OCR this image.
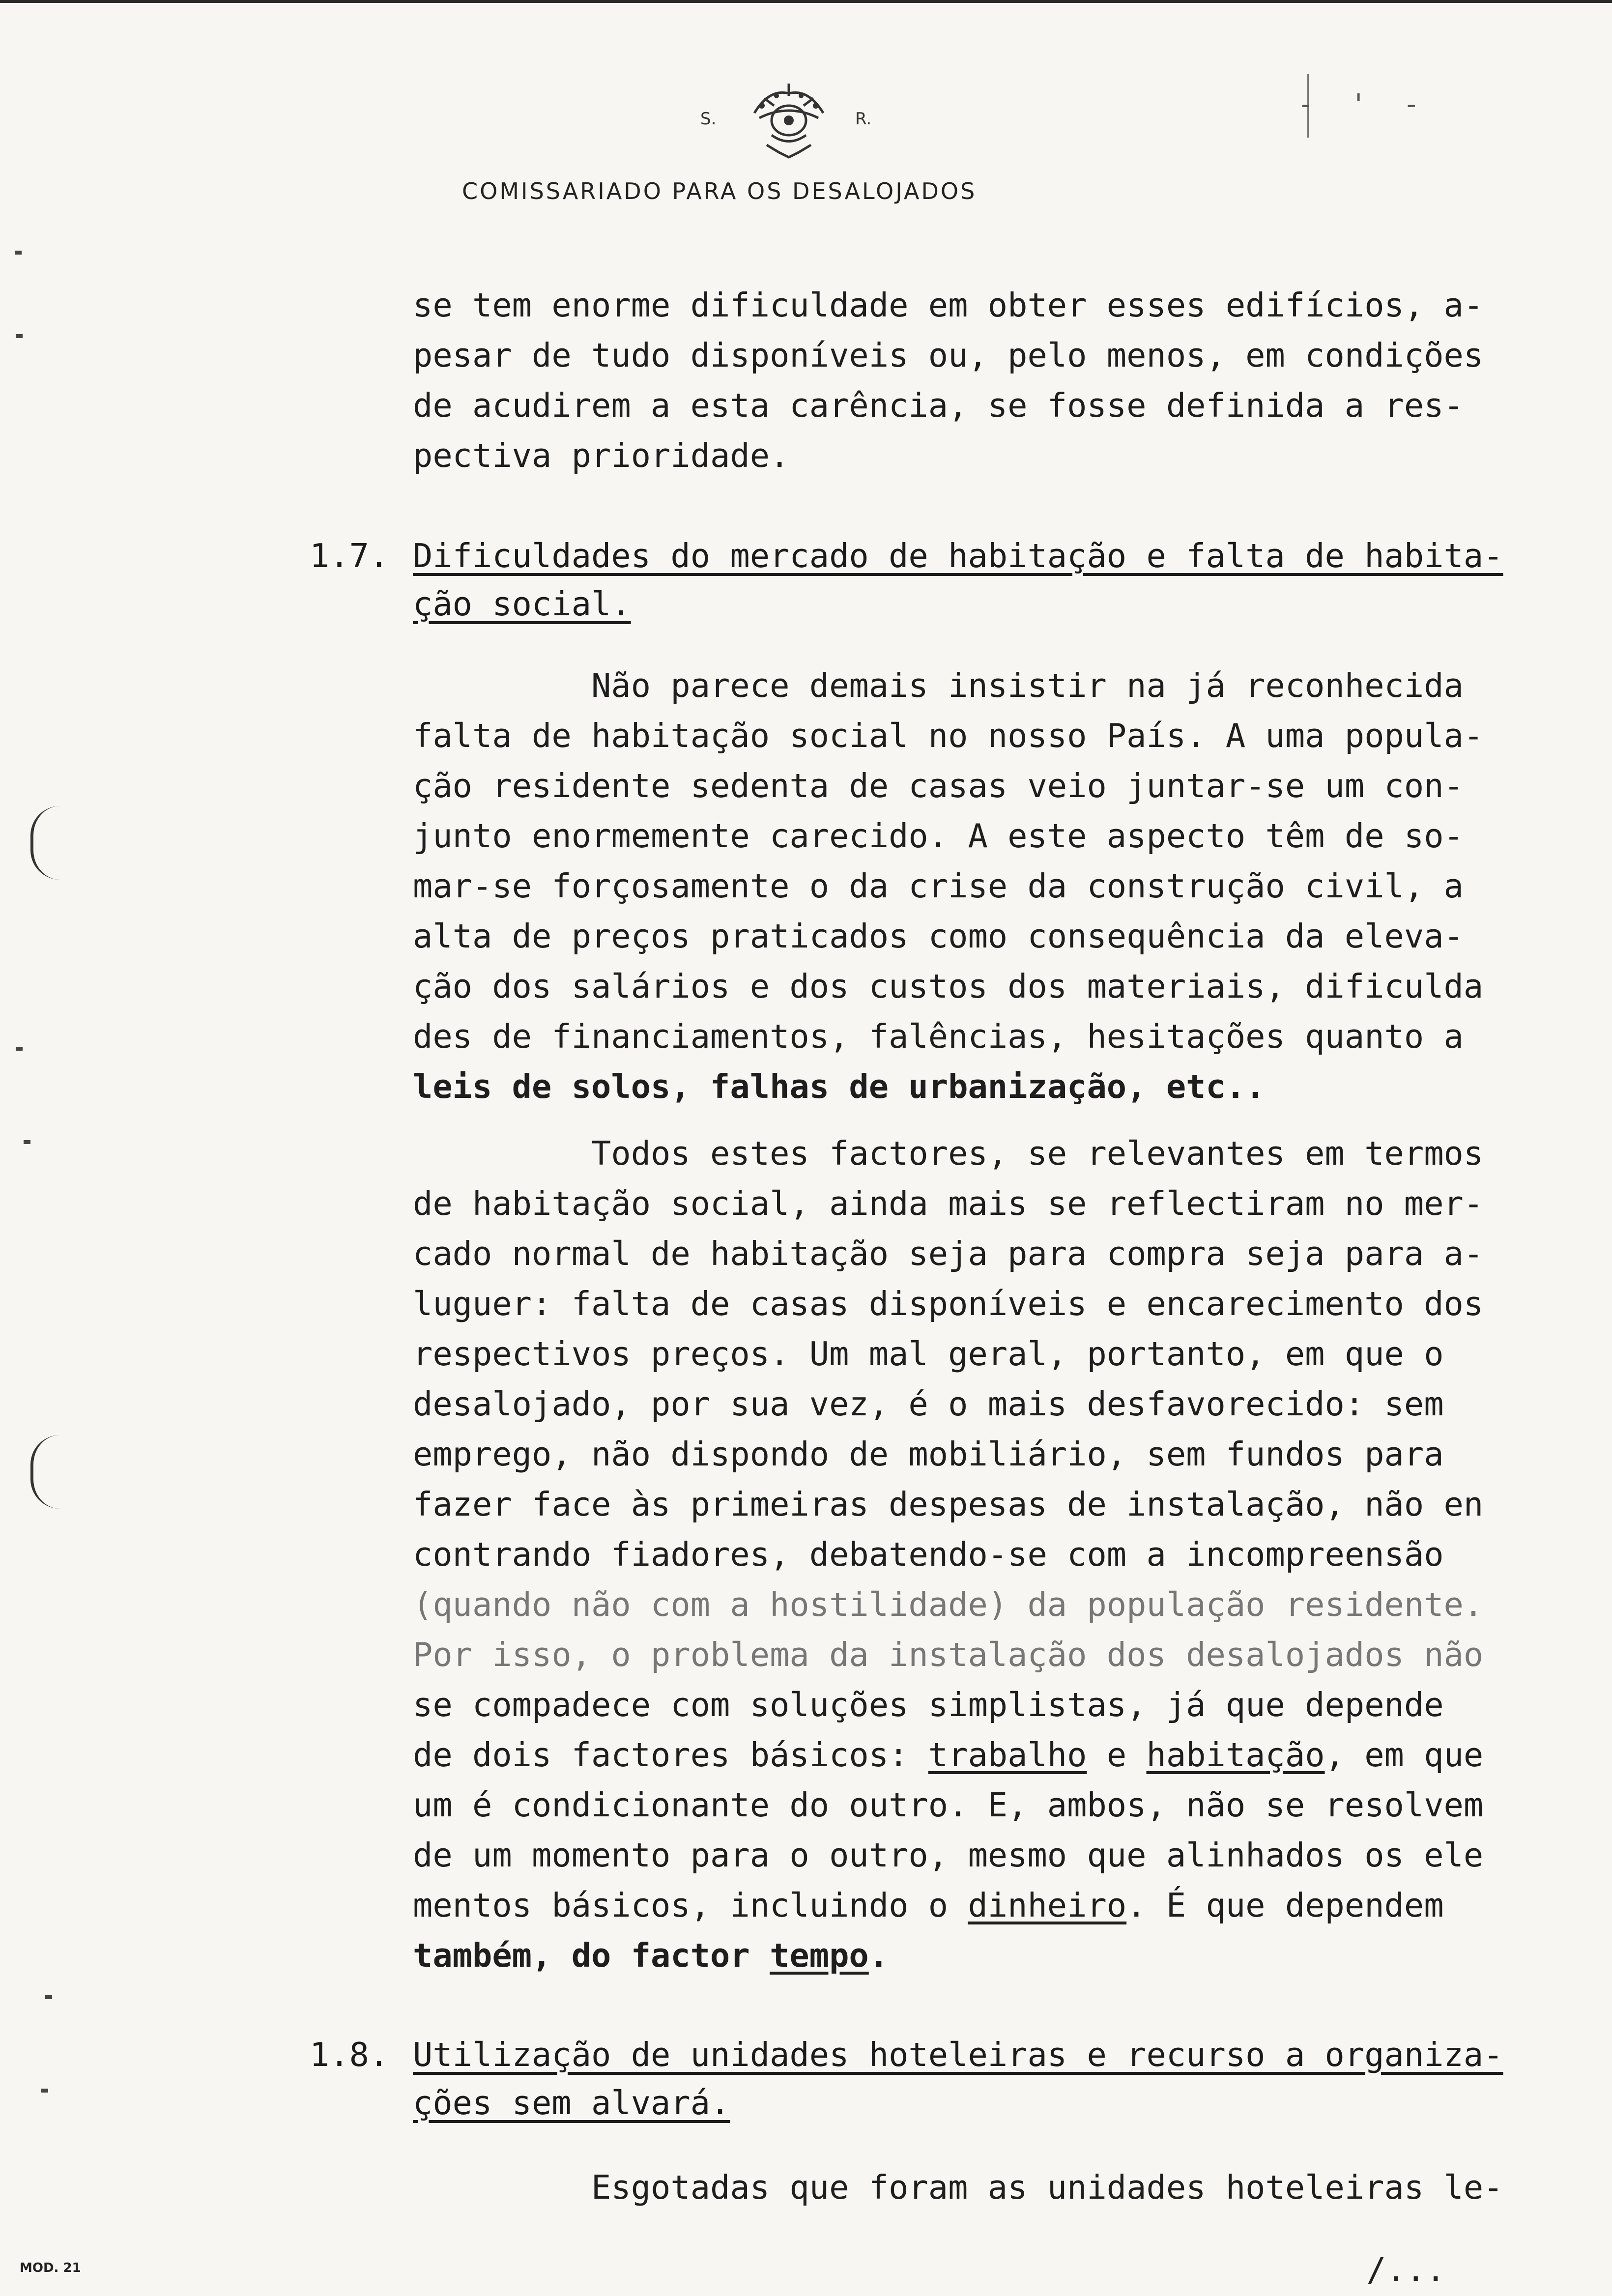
S.	R.
COMISSARIADO PARA OS DESALOJADOS
- ' -
se tem enorme dificuldade em obter esses edifícios, a-
pesar de tudo disponíveis ou, pelo menos, em condições
de acudirem a esta carência, se fosse definida a res-
pectiva prioridade.
1.7. Dificuldades do mercado de habitação e falta de habita-
ção social.
Não parece demais insistir na já reconhecida
falta de habitação social no nosso País. A uma popula-
ção residente sedenta de casas veio juntar-se um con-
junto enormemente carecido. A este aspecto têm de so-
mar-se forçosamente o da crise da construção civil, a
alta de preços praticados como consequência da eleva-
ção dos salários e dos custos dos materiais, dificulda
des de financiamentos, falências, hesitações quanto a
leis de solos, falhas de urbanização, etc..
Todos estes factores, se relevantes em termos
de habitação social, ainda mais se reflectiram no mer-
cado normal de habitação seja para compra seja para a-
luguer: falta de casas disponíveis e encarecimento dos
respectivos preços. Um mal geral, portanto, em que o
desalojado, por sua vez, é o mais desfavorecido: sem
emprego, não dispondo de mobiliário, sem fundos para
fazer face às primeiras despesas de instalação, não en
contrando fiadores, debatendo-se com a incompreensão
(quando não com a hostilidade) da população residente.
Por isso, o problema da instalação dos desalojados não
se compadece com soluções simplistas, já que depende
de dois factores básicos: trabalho e habitação, em que
um é condicionante do outro. E, ambos, não se resolvem
de um momento para o outro, mesmo que alinhados os ele
mentos básicos, incluindo o dinheiro. É que dependem
também, do factor tempo.
1.8. Utilização de unidades hoteleiras e recurso a organiza-
ções sem alvará.
Esgotadas que foram as unidades hoteleiras le-
MOD. 21	/...
